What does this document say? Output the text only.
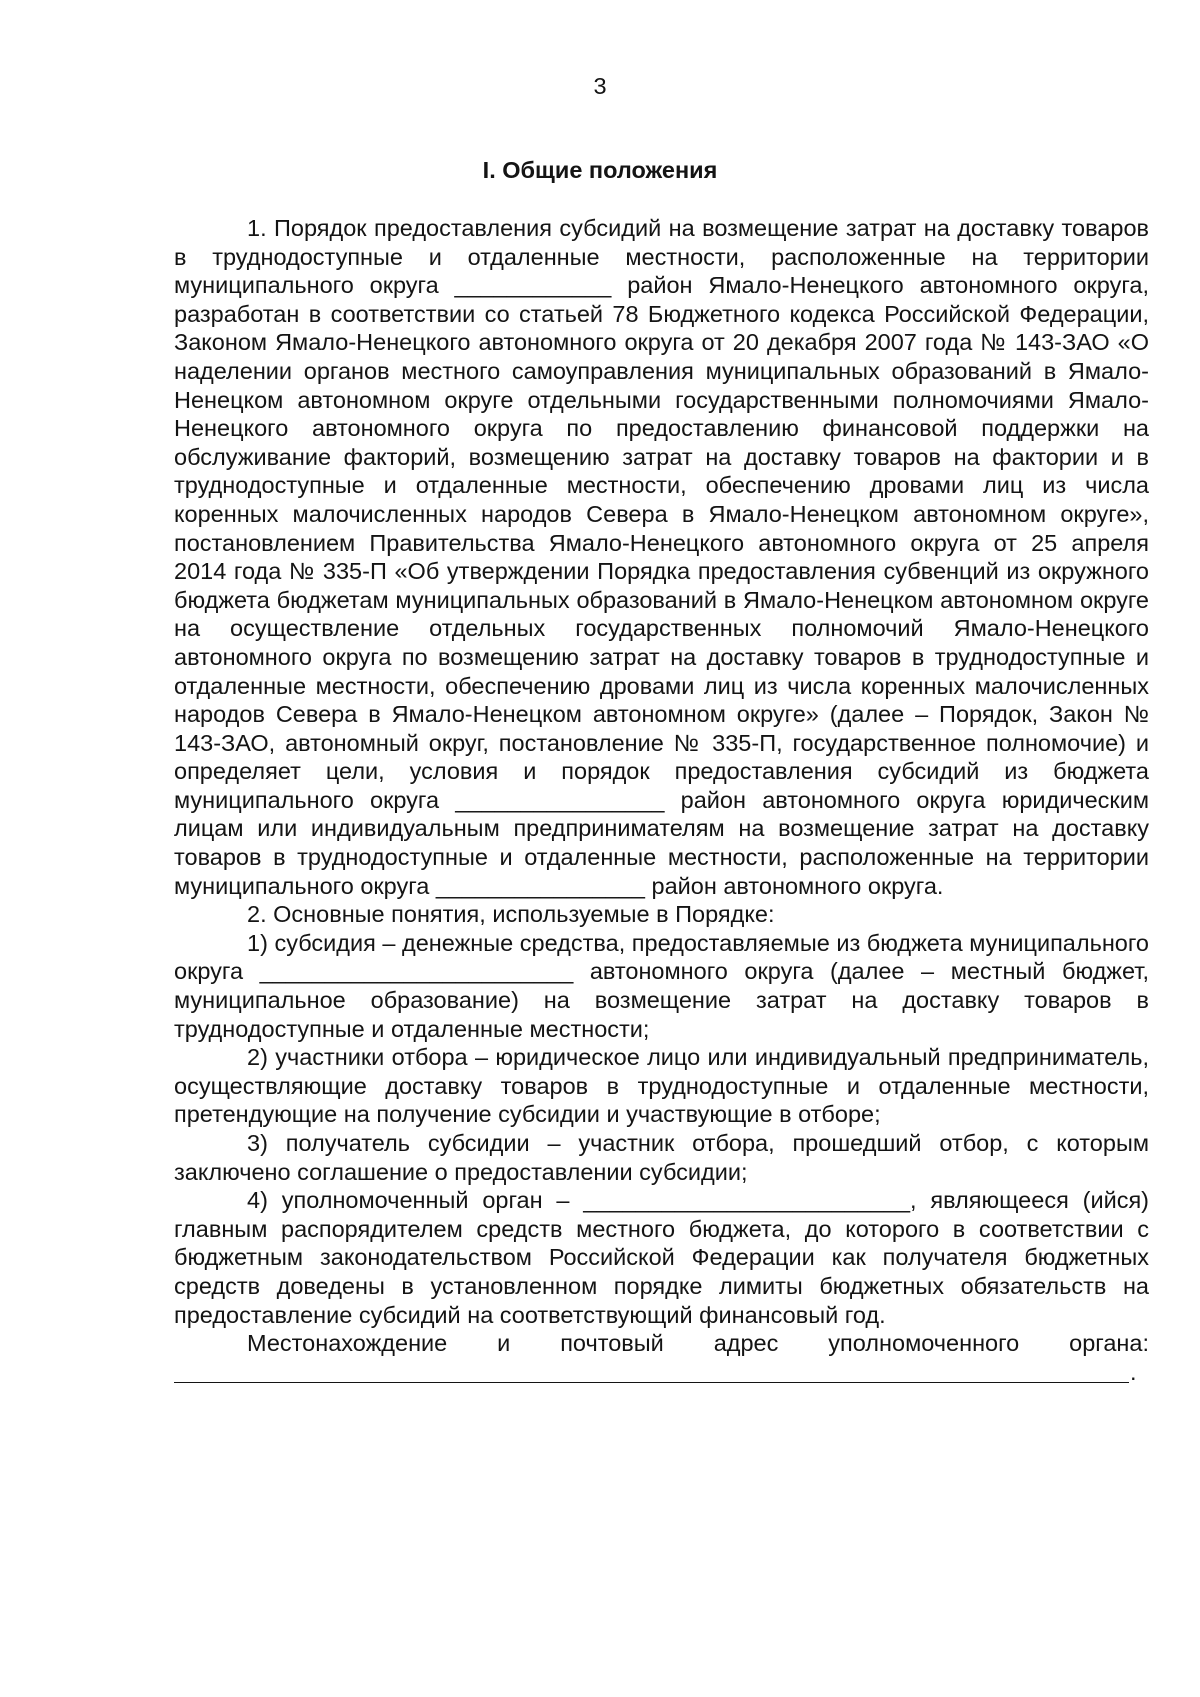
3
I. Общие положения

1. Порядок предоставления субсидий на возмещение затрат на доставку товаров в труднодоступные и отдаленные местности, расположенные на территории муниципального округа ____________ район Ямало-Ненецкого автономного округа, разработан в соответствии со статьей 78 Бюджетного кодекса Российской Федерации, Законом Ямало-Ненецкого автономного округа от 20 декабря 2007 года № 143-ЗАО «О наделении органов местного самоуправления муниципальных образований в Ямало-Ненецком автономном округе отдельными государственными полномочиями Ямало-Ненецкого автономного округа по предоставлению финансовой поддержки на обслуживание факторий, возмещению затрат на доставку товаров на фактории и в труднодоступные и отдаленные местности, обеспечению дровами лиц из числа коренных малочисленных народов Севера в Ямало-Ненецком автономном округе», постановлением Правительства Ямало-Ненецкого автономного округа от 25 апреля 2014 года № 335-П «Об утверждении Порядка предоставления субвенций из окружного бюджета бюджетам муниципальных образований в Ямало-Ненецком автономном округе на осуществление отдельных государственных полномочий Ямало-Ненецкого автономного округа по возмещению затрат на доставку товаров в труднодоступные и отдаленные местности, обеспечению дровами лиц из числа коренных малочисленных народов Севера в Ямало-Ненецком автономном округе» (далее – Порядок, Закон № 143-ЗАО, автономный округ, постановление № 335-П, государственное полномочие) и определяет цели, условия и порядок предоставления субсидий из бюджета муниципального округа ________________ район автономного округа юридическим лицам или индивидуальным предпринимателям на возмещение затрат на доставку товаров в труднодоступные и отдаленные местности, расположенные на территории муниципального округа ________________ район автономного округа.

2. Основные понятия, используемые в Порядке:

1) субсидия – денежные средства, предоставляемые из бюджета муниципального округа ________________________ автономного округа (далее – местный бюджет, муниципальное образование) на возмещение затрат на доставку товаров в труднодоступные и отдаленные местности;

2) участники отбора – юридическое лицо или индивидуальный предприниматель, осуществляющие доставку товаров в труднодоступные и отдаленные местности, претендующие на получение субсидии и участвующие в отборе;

3) получатель субсидии – участник отбора, прошедший отбор, с которым заключено соглашение о предоставлении субсидии;

4) уполномоченный орган – _________________________, являющееся (ийся) главным распорядителем средств местного бюджета, до которого в соответствии с бюджетным законодательством Российской Федерации как получателя бюджетных средств доведены в установленном порядке лимиты бюджетных обязательств на предоставление субсидий на соответствующий финансовый год.

Местонахождение и почтовый адрес уполномоченного органа:

.
